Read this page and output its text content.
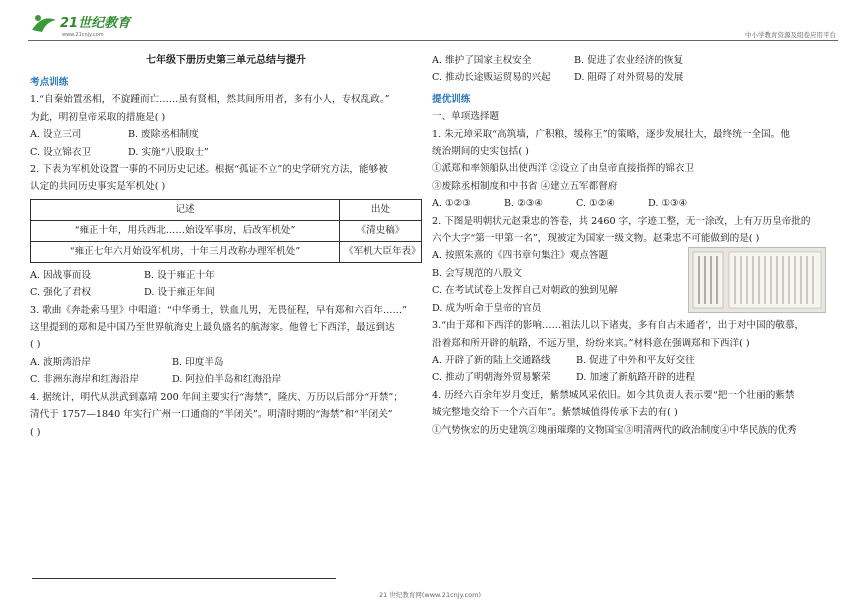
21世纪教育
www.21cnjy.com	中小学教育资源及组卷应用平台
七年级下册历史第三单元总结与提升
考点训练

1.“自秦始置丞相，不旋踵而亡……虽有贤相，然其间所用者，多有小人，专权乱政。”

为此，明初皇帝采取的措施是( )

A. 设立三司	B. 废除丞相制度
C. 设立锦衣卫	D. 实施“八股取士”

2. 下表为军机处设置一事的不同历史记述。根据“孤证不立”的史学研究方法，能够被

认定的共同历史事实是军机处( )

记述	出处
“雍正十年，用兵西北……始设军事房，后改军机处”	《清史稿》
“雍正七年六月始设军机房，十年三月改称办理军机处”	《军机大臣年表》
A. 因战事而设	B. 设于雍正十年
C. 强化了君权	D. 设于雍正年间

3. 歌曲《奔赴索马里》中唱道：“中华勇士，铁血儿男，无畏征程，早有郑和六百年……”

这里提到的郑和是中国乃至世界航海史上最负盛名的航海家。他曾七下西洋，最远到达

( )

A. 波斯湾沿岸	B. 印度半岛
C. 非洲东海岸和红海沿岸	D. 阿拉伯半岛和红海沿岸

4. 据统计，明代从洪武到嘉靖 200 年间主要实行“海禁”，隆庆、万历以后部分“开禁”；

清代于 1757—1840 年实行广州一口通商的“半闭关”。明清时期的“海禁”和“半闭关”

( )

A. 维护了国家主权安全	B. 促进了农业经济的恢复
C. 推动长途贩运贸易的兴起	D. 阻碍了对外贸易的发展
提优训练

一、单项选择题

1. 朱元璋采取“高筑墙，广积粮，缓称王”的策略，逐步发展壮大，最终统一全国。他

统治期间的史实包括( )

①派郑和率领船队出使西洋 ②设立了由皇帝直接指挥的锦衣卫

③废除丞相制度和中书省 ④建立五军都督府

A. ①②③	B. ②③④	C. ①②④	D. ①③④

2. 下图是明朝状元赵秉忠的答卷，共 2460 字，字迹工整，无一涂改，上有万历皇帝批的

六个大字“第一甲第一名”，现被定为国家一级文物。赵秉忠不可能做到的是( )

A. 按照朱熹的《四书章句集注》观点答题

B. 会写规范的八股文

C. 在考试试卷上发挥自己对朝政的独到见解

D. 成为听命于皇帝的官员

3.“由于郑和下西洋的影响……祖法儿以下诸夷，多有自古未通者’，出于对中国的敬慕，

沿着郑和所开辟的航路，不远万里，纷纷来宾。”材料意在强调郑和下西洋( )

A. 开辟了新的陆上交通路线	B. 促进了中外和平友好交往
C. 推动了明朝海外贸易繁荣	D. 加速了新航路开辟的进程

4. 历经六百余年岁月变迁，紫禁城风采依旧。如今其负责人表示要“把一个壮丽的紫禁

城完整地交给下一个六百年”。紫禁城值得传承下去的有( )

①气势恢宏的历史建筑②瑰丽璀璨的文物国宝③明清两代的政治制度④中华民族的优秀

21 世纪教育网(www.21cnjy.com)
